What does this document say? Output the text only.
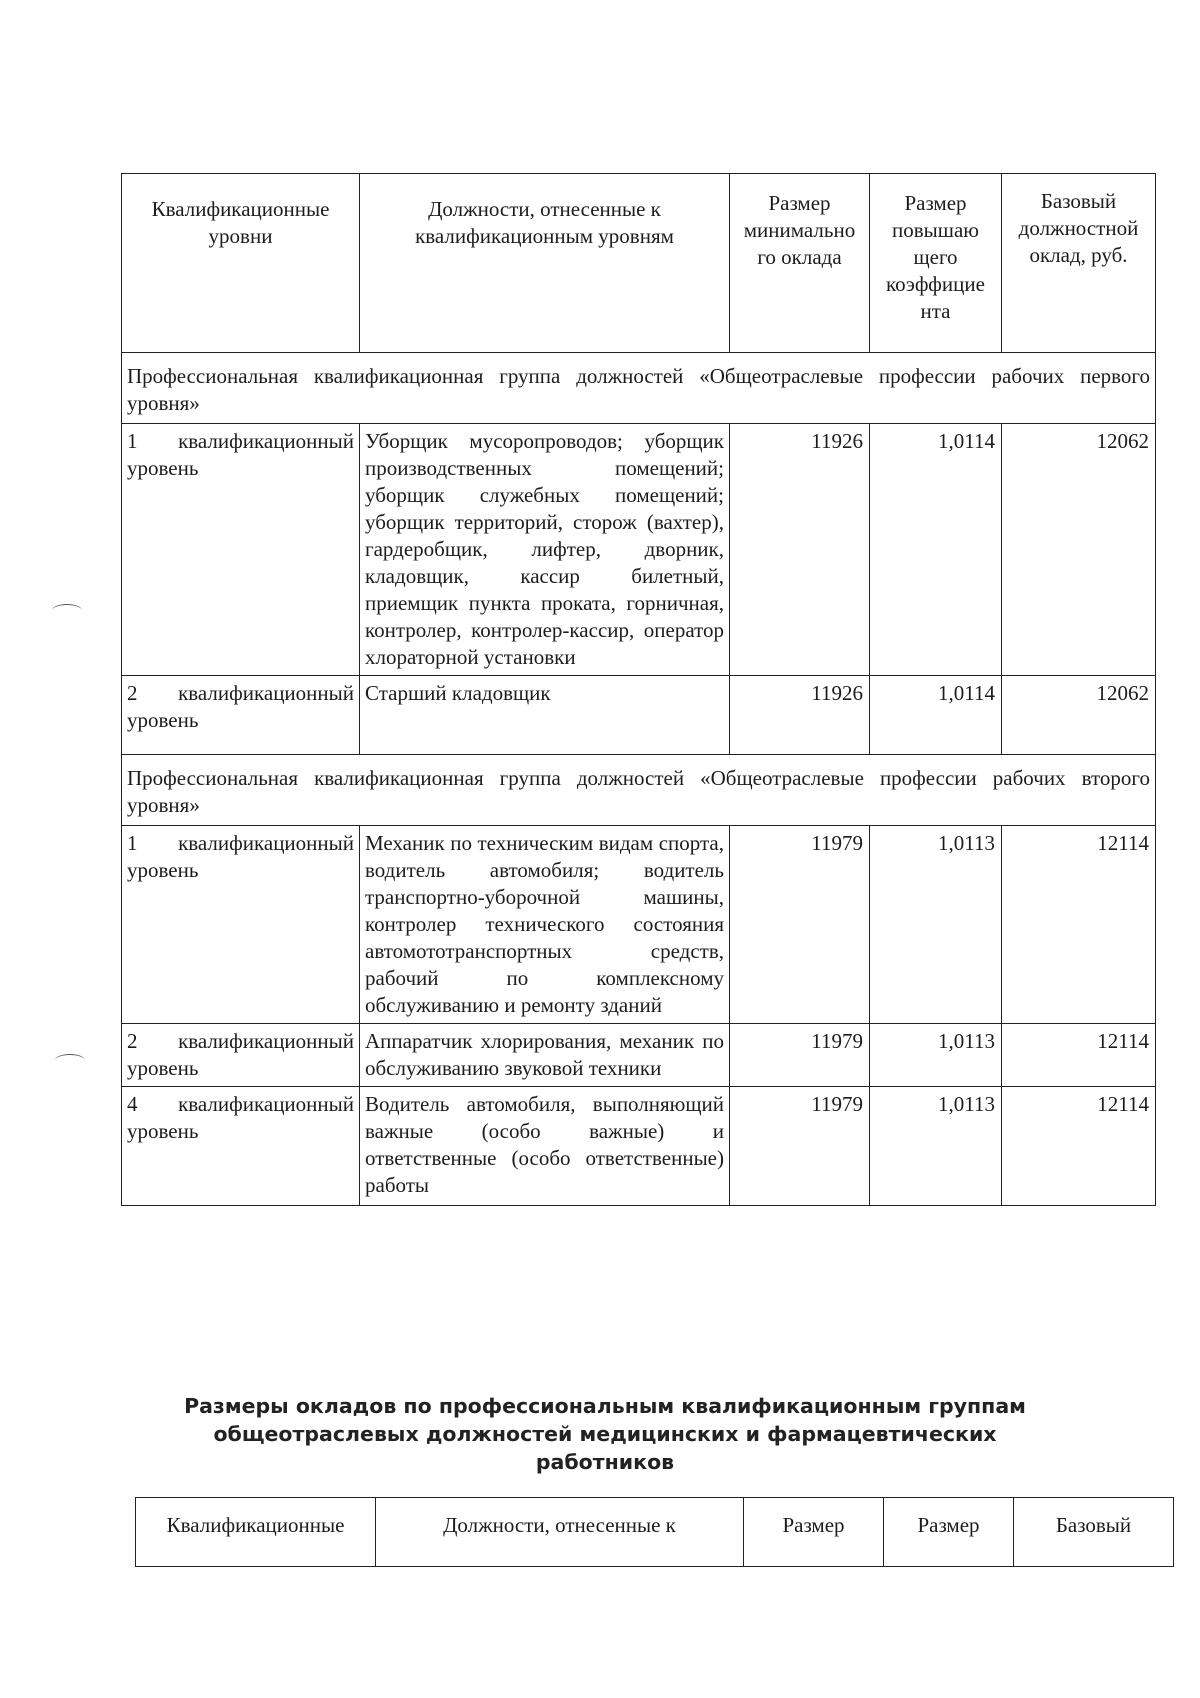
Квалификационные уровни	Должности, отнесенные к квалификационным уровням	Размер минимально го оклада	Размер повышаю щего коэффицие нта	Базовый должностной оклад, руб.
Профессиональная квалификационная группа должностей «Общеотраслевые профессии рабочих первого уровня»				
1 квалификационный уровень	Уборщик мусоропроводов; уборщик производственных помещений; уборщик служебных помещений; уборщик территорий, сторож (вахтер), гардеробщик, лифтер, дворник, кладовщик, кассир билетный, приемщик пункта проката, горничная, контролер, контролер-кассир, оператор хлораторной установки	11926	1,0114	12062
2 квалификационный уровень	Старший кладовщик	11926	1,0114	12062
Профессиональная квалификационная группа должностей «Общеотраслевые профессии рабочих второго уровня»				
1 квалификационный уровень	Механик по техническим видам спорта, водитель автомобиля; водитель транспортно-уборочной машины, контролер технического состояния автомототранспортных средств, рабочий по комплексному обслуживанию и ремонту зданий	11979	1,0113	12114
2 квалификационный уровень	Аппаратчик хлорирования, механик по обслуживанию звуковой техники	11979	1,0113	12114
4 квалификационный уровень	Водитель автомобиля, выполняющий важные (особо важные) и ответственные (особо ответственные) работы	11979	1,0113	12114
Размеры окладов по профессиональным квалификационным группам общеотраслевых должностей медицинских и фармацевтических работников
Квалификационные	Должности, отнесенные к	Размер	Размер	Базовый
